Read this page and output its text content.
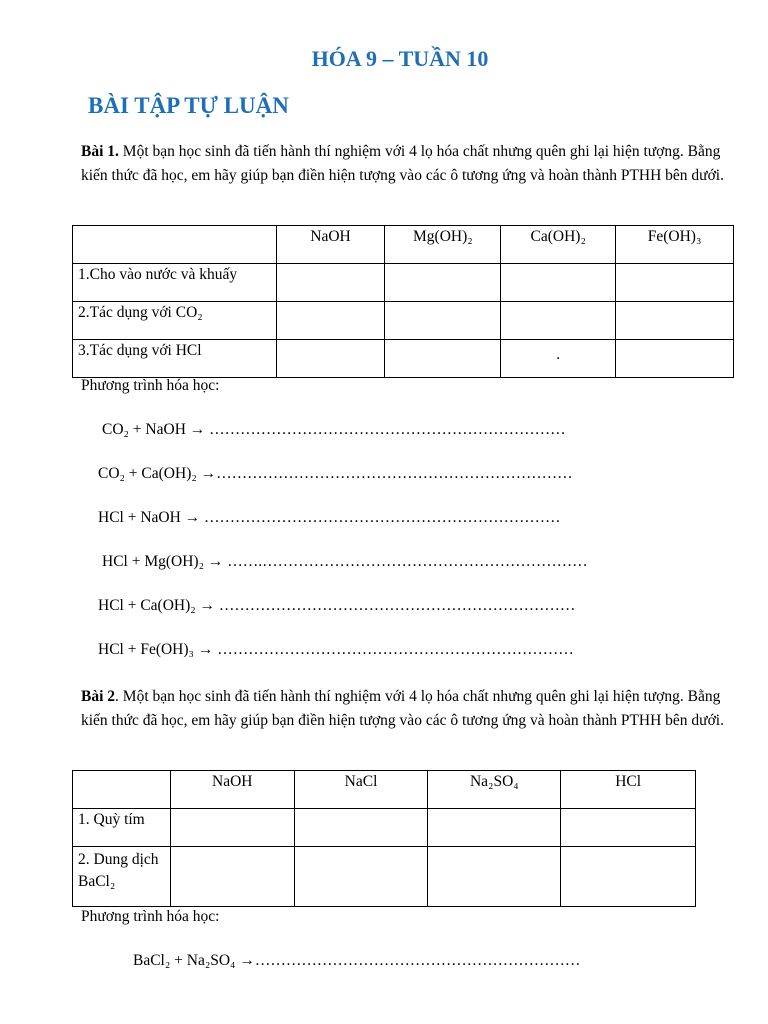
HÓA 9 – TUẦN 10
BÀI TẬP TỰ LUẬN
Bài 1. Một bạn học sinh đã tiến hành thí nghiệm với 4 lọ hóa chất nhưng quên ghi lại hiện tượng. Bằng kiến thức đã học, em hãy giúp bạn điền hiện tượng vào các ô tương ứng và hoàn thành PTHH bên dưới.
	NaOH	Mg(OH)₂	Ca(OH)₂	Fe(OH)₃
1.Cho vào nước và khuấy				
2.Tác dụng với CO₂				
3.Tác dụng với HCl			.	
Phương trình hóa học:
CO₂ + NaOH → ……………………………………………………………
CO₂ + Ca(OH)₂ →……………………………………………………………
HCl + NaOH → ……………………………………………………………
HCl + Mg(OH)₂ → …….………………………………………………………
HCl + Ca(OH)₂ → ……………………………………………………………
HCl + Fe(OH)₃ → ……………………………………………………………
Bài 2. Một bạn học sinh đã tiến hành thí nghiệm với 4 lọ hóa chất nhưng quên ghi lại hiện tượng. Bằng kiến thức đã học, em hãy giúp bạn điền hiện tượng vào các ô tương ứng và hoàn thành PTHH bên dưới.
	NaOH	NaCl	Na₂SO₄	HCl
1. Quỳ tím				
2. Dung dịch BaCl₂				
Phương trình hóa học:
BaCl₂ + Na₂SO₄ →………………………………………………………
